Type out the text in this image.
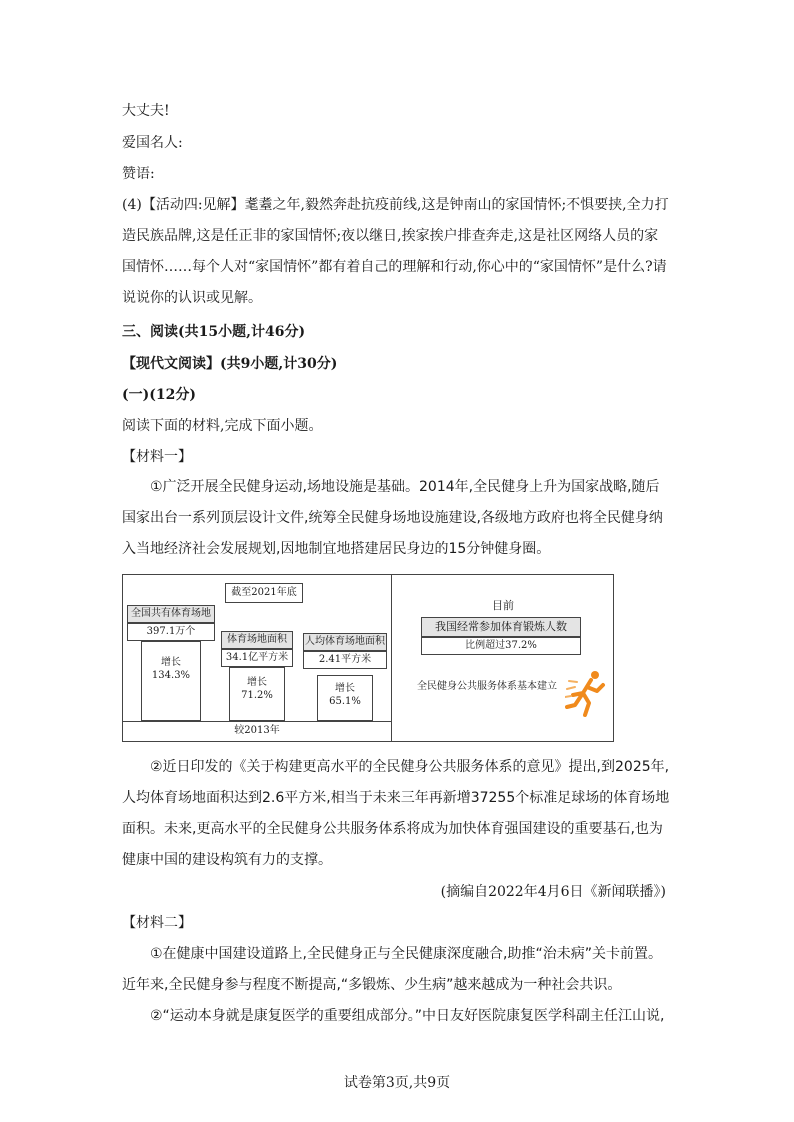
大丈夫!
爱国名人:
赞语:
(4)【活动四:见解】耄耋之年,毅然奔赴抗疫前线,这是钟南山的家国情怀;不惧要挟,全力打造民族品牌,这是任正非的家国情怀;夜以继日,挨家挨户排查奔走,这是社区网络人员的家国情怀……每个人对“家国情怀”都有着自己的理解和行动,你心中的“家国情怀”是什么?请说说你的认识或见解。
三、阅读(共15小题,计46分)
【现代文阅读】(共9小题,计30分)
(一)(12分)
阅读下面的材料,完成下面小题。
【材料一】
①广泛开展全民健身运动,场地设施是基础。2014年,全民健身上升为国家战略,随后国家出台一系列顶层设计文件,统筹全民健身场地设施建设,各级地方政府也将全民健身纳入当地经济社会发展规划,因地制宜地搭建居民身边的15分钟健身圈。
截至2021年底
全国共有体育场地
397.1万个
增长
134.3%
体育场地面积
34.1亿平方米
增长
71.2%
人均体育场地面积
2.41平方米
增长
65.1%
较2013年
目前
我国经常参加体育锻炼人数
比例超过37.2%
全民健身公共服务体系基本建立
②近日印发的《关于构建更高水平的全民健身公共服务体系的意见》提出,到2025年,人均体育场地面积达到2.6平方米,相当于未来三年再新增37255个标准足球场的体育场地面积。未来,更高水平的全民健身公共服务体系将成为加快体育强国建设的重要基石,也为健康中国的建设构筑有力的支撑。
(摘编自2022年4月6日《新闻联播》)
【材料二】
①在健康中国建设道路上,全民健身正与全民健康深度融合,助推“治未病”关卡前置。近年来,全民健身参与程度不断提高,“多锻炼、少生病”越来越成为一种社会共识。
②“运动本身就是康复医学的重要组成部分。”中日友好医院康复医学科副主任江山说,
试卷第3页,共9页
